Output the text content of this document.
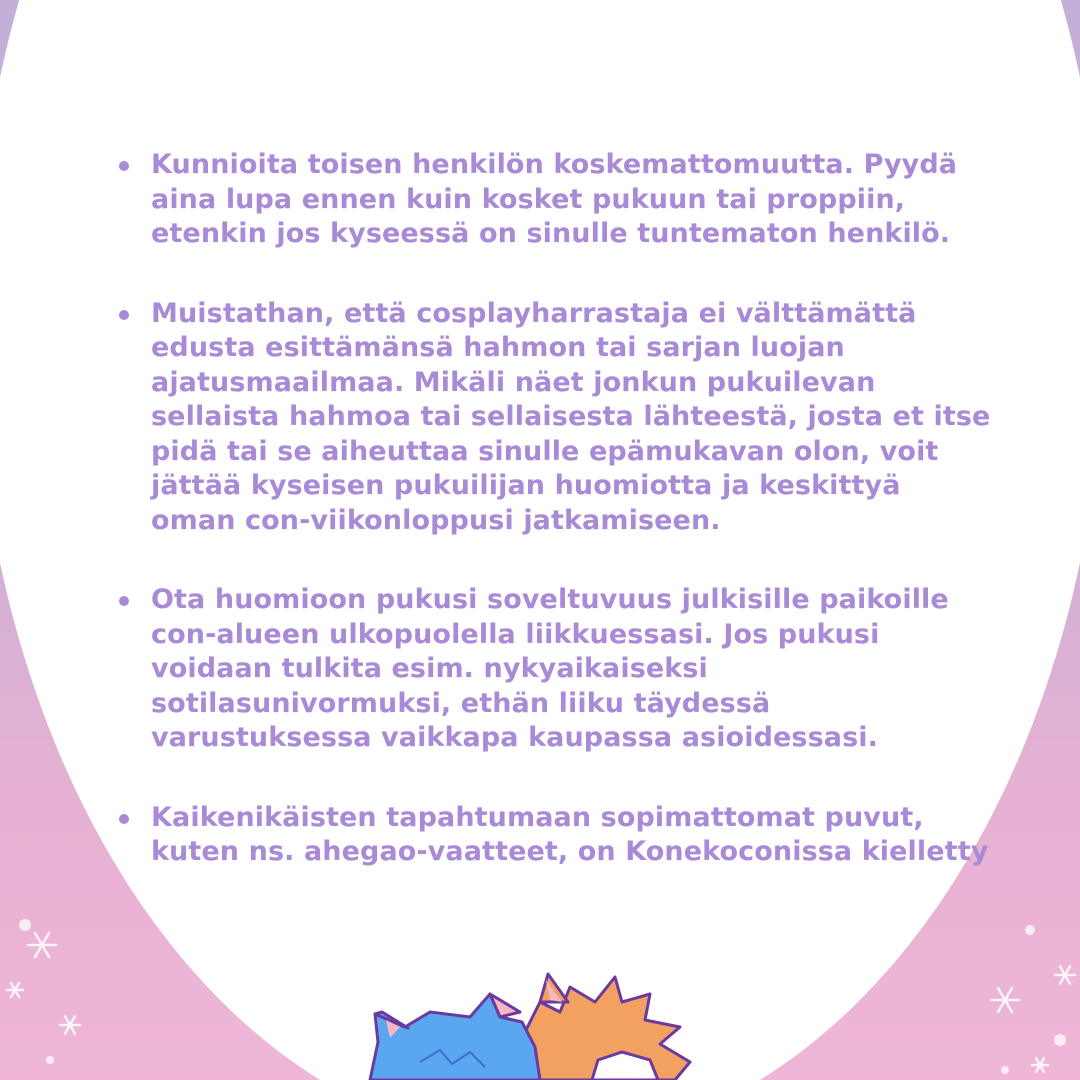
Kunnioita toisen henkilön koskemattomuutta. Pyydä aina lupa ennen kuin kosket pukuun tai proppiin, etenkin jos kyseessä on sinulle tuntematon henkilö.
Muistathan, että cosplayharrastaja ei välttämättä edusta esittämänsä hahmon tai sarjan luojan ajatusmaailmaa. Mikäli näet jonkun pukuilevan sellaista hahmoa tai sellaisesta lähteestä, josta et itse pidä tai se aiheuttaa sinulle epämukavan olon, voit jättää kyseisen pukuilijan huomiotta ja keskittyä oman con-viikonloppusi jatkamiseen.
Ota huomioon pukusi soveltuvuus julkisille paikoille con-alueen ulkopuolella liikkuessasi. Jos pukusi voidaan tulkita esim. nykyaikaiseksi sotilasunivormuksi, ethän liiku täydessä varustuksessa vaikkapa kaupassa asioidessasi.
Kaikenikäisten tapahtumaan sopimattomat puvut, kuten ns. ahegao-vaatteet, on Konekoconissa kielletty
